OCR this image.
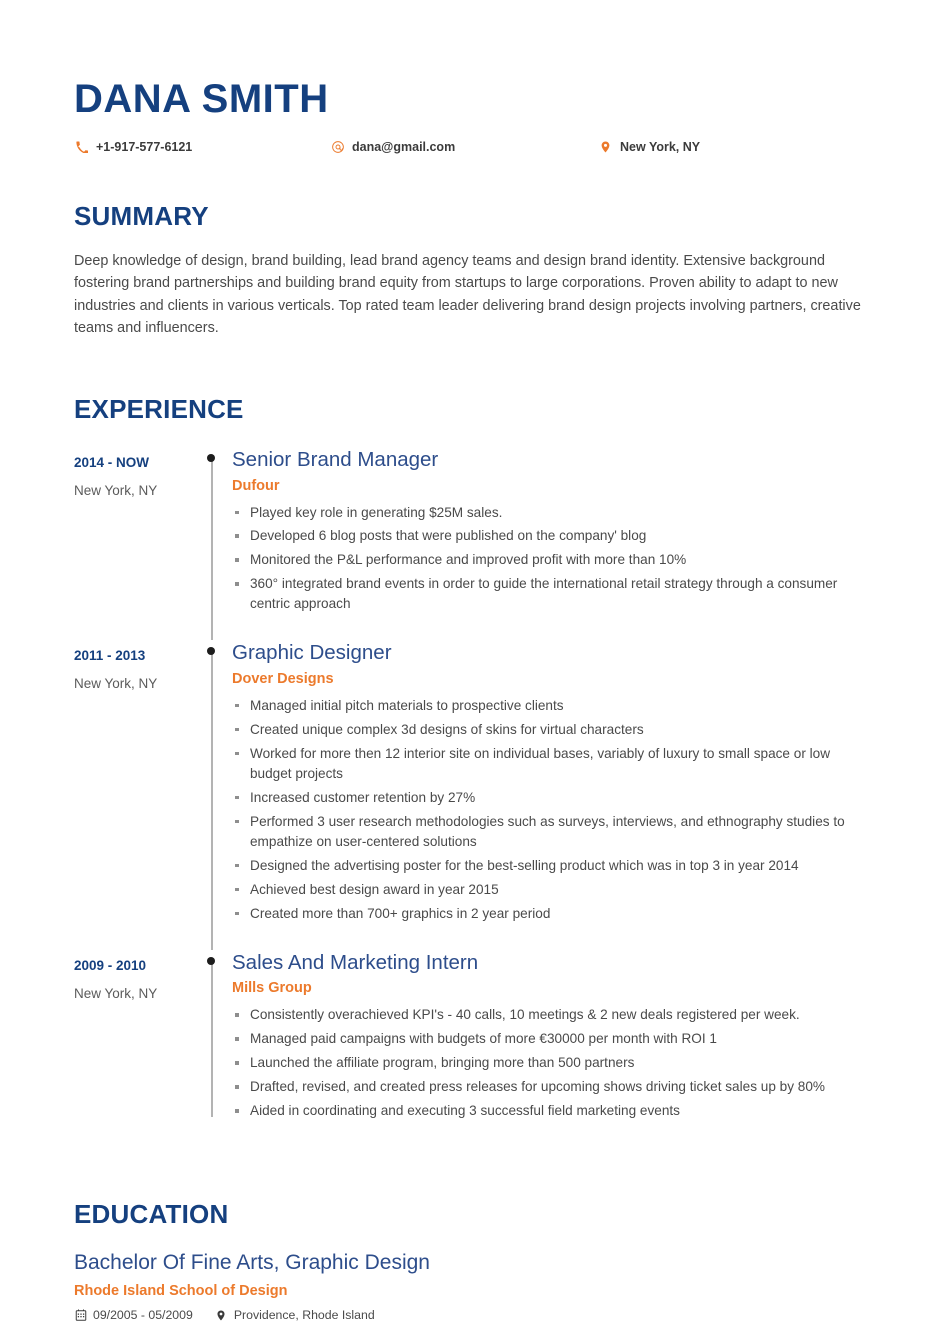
DANA SMITH
+1-917-577-6121	dana@gmail.com	New York, NY
SUMMARY

Deep knowledge of design, brand building, lead brand agency teams and design brand identity. Extensive background fostering brand partnerships and building brand equity from startups to large corporations. Proven ability to adapt to new industries and clients in various verticals. Top rated team leader delivering brand design projects involving partners, creative teams and influencers.

EXPERIENCE
2014 - NOW
New York, NY
Senior Brand Manager
Dufour
Played key role in generating $25M sales.
Developed 6 blog posts that were published on the company' blog
Monitored the P&L performance and improved profit with more than 10%
360° integrated brand events in order to guide the international retail strategy through a consumer centric approach
2011 - 2013
New York, NY
Graphic Designer
Dover Designs
Managed initial pitch materials to prospective clients
Created unique complex 3d designs of skins for virtual characters
Worked for more then 12 interior site on individual bases, variably of luxury to small space or low budget projects
Increased customer retention by 27%
Performed 3 user research methodologies such as surveys, interviews, and ethnography studies to empathize on user-centered solutions
Designed the advertising poster for the best-selling product which was in top 3 in year 2014
Achieved best design award in year 2015
Created more than 700+ graphics in 2 year period
2009 - 2010
New York, NY
Sales And Marketing Intern
Mills Group
Consistently overachieved KPI's - 40 calls, 10 meetings & 2 new deals registered per week.
Managed paid campaigns with budgets of more €30000 per month with ROI 1
Launched the affiliate program, bringing more than 500 partners
Drafted, revised, and created press releases for upcoming shows driving ticket sales up by 80%
Aided in coordinating and executing 3 successful field marketing events
EDUCATION
Bachelor Of Fine Arts, Graphic Design
Rhode Island School of Design
09/2005 - 05/2009	Providence, Rhode Island
